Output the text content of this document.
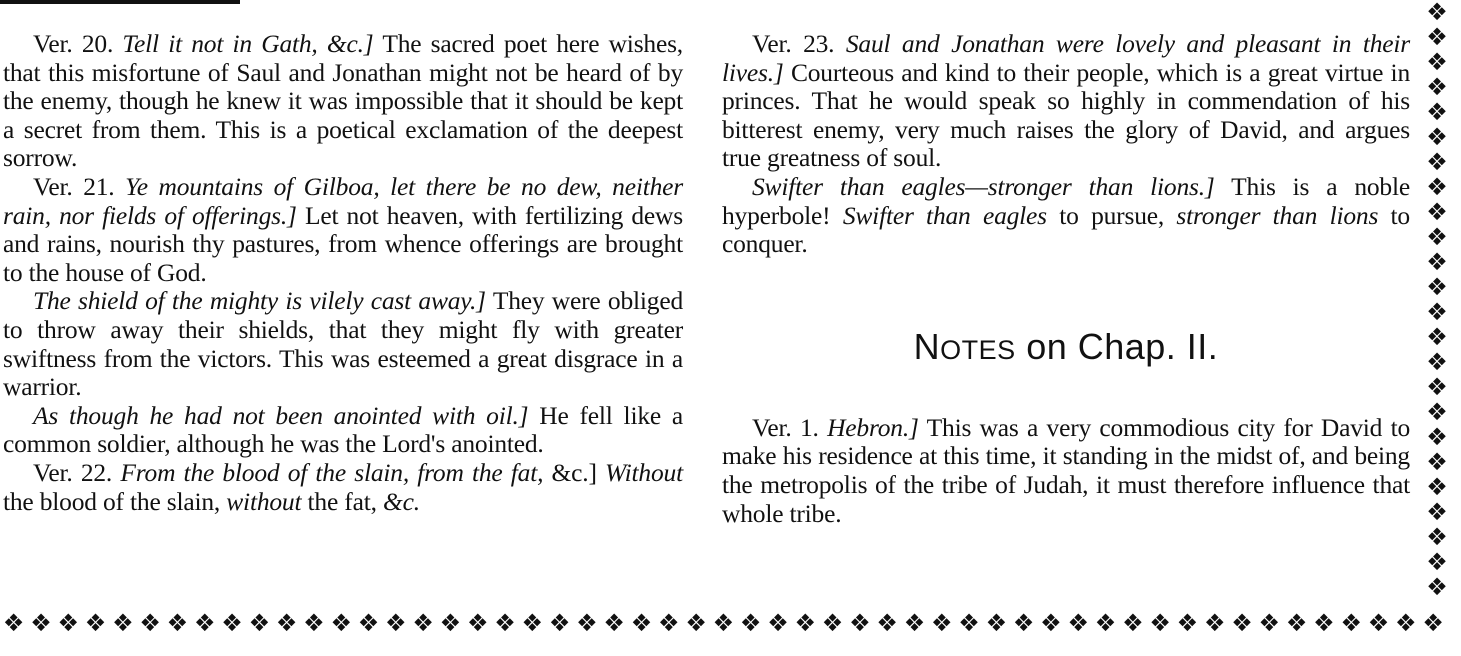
Ver. 20. Tell it not in Gath, &c.] The sacred poet here wishes, that this misfortune of Saul and Jonathan might not be heard of by the enemy, though he knew it was impossible that it should be kept a secret from them. This is a poetical exclamation of the deepest sorrow.

Ver. 21. Ye mountains of Gilboa, let there be no dew, neither rain, nor fields of offerings.] Let not heaven, with fertilizing dews and rains, nourish thy pastures, from whence offerings are brought to the house of God.

The shield of the mighty is vilely cast away.] They were obliged to throw away their shields, that they might fly with greater swiftness from the victors. This was esteemed a great disgrace in a warrior.

As though he had not been anointed with oil.] He fell like a common soldier, although he was the Lord's anointed.

Ver. 22. From the blood of the slain, from the fat, &c.] Without the blood of the slain, without the fat, &c.

Ver. 23. Saul and Jonathan were lovely and pleasant in their lives.] Courteous and kind to their people, which is a great virtue in princes. That he would speak so highly in commendation of his bitterest enemy, very much raises the glory of David, and argues true greatness of soul.

Swifter than eagles—stronger than lions.] This is a noble hyperbole! Swifter than eagles to pursue, stronger than lions to conquer.

NOTES on Chap. II.

Ver. 1. Hebron.] This was a very commodious city for David to make his residence at this time, it standing in the midst of, and being the metropolis of the tribe of Judah, it must therefore influence that whole tribe.

❖
❖
❖
❖
❖
❖
❖
❖
❖
❖
❖
❖
❖
❖
❖
❖
❖
❖
❖
❖
❖
❖
❖
❖
❖ ❖ ❖ ❖ ❖ ❖ ❖ ❖ ❖ ❖ ❖ ❖ ❖ ❖ ❖ ❖ ❖ ❖ ❖ ❖ ❖ ❖ ❖ ❖ ❖ ❖ ❖ ❖ ❖ ❖ ❖ ❖ ❖ ❖ ❖ ❖ ❖ ❖ ❖ ❖ ❖ ❖ ❖ ❖ ❖ ❖ ❖ ❖ ❖ ❖ ❖ ❖ ❖
